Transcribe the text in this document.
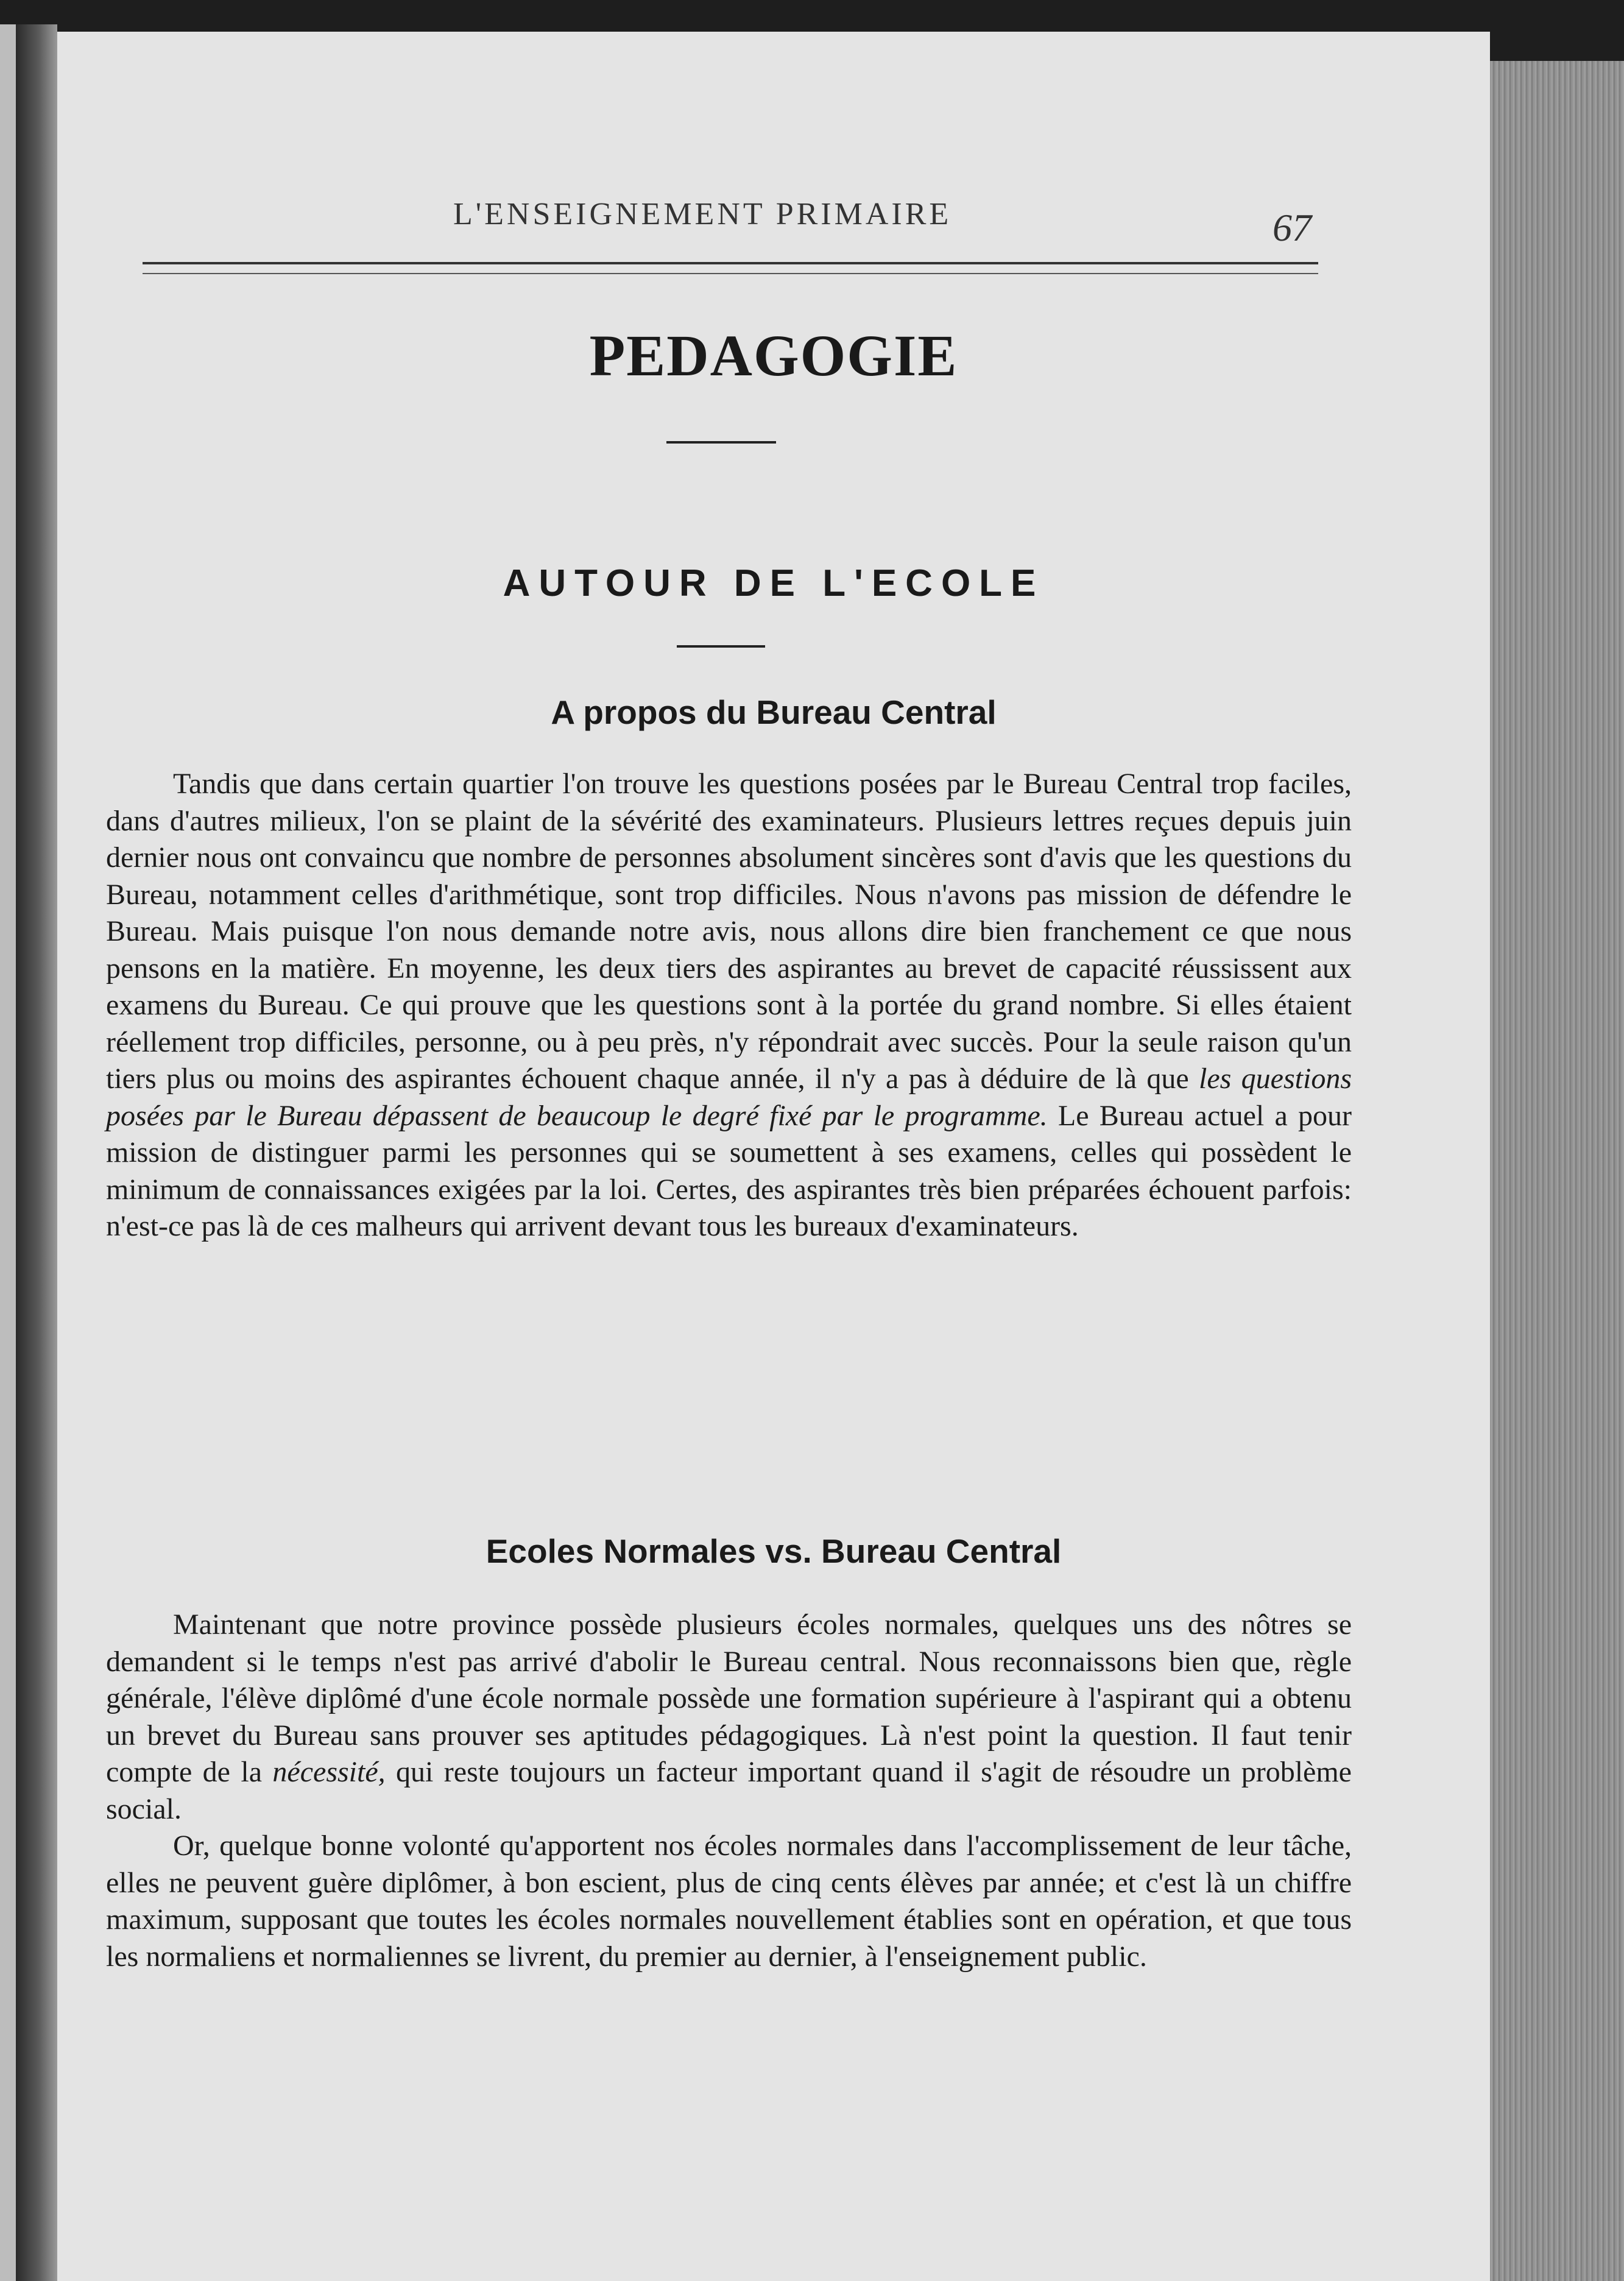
L'ENSEIGNEMENT PRIMAIRE	67
PEDAGOGIE
AUTOUR DE L'ECOLE
A propos du Bureau Central

Tandis que dans certain quartier l'on trouve les questions posées par le Bureau Central trop faciles, dans d'autres milieux, l'on se plaint de la sévérité des examinateurs. Plusieurs lettres reçues depuis juin dernier nous ont convaincu que nombre de personnes absolument sincères sont d'avis que les questions du Bureau, notamment celles d'arithmétique, sont trop difficiles. Nous n'avons pas mission de défendre le Bureau. Mais puisque l'on nous demande notre avis, nous allons dire bien franchement ce que nous pensons en la matière. En moyenne, les deux tiers des aspirantes au brevet de capacité réussissent aux examens du Bureau. Ce qui prouve que les questions sont à la portée du grand nombre. Si elles étaient réellement trop difficiles, personne, ou à peu près, n'y répondrait avec succès. Pour la seule raison qu'un tiers plus ou moins des aspirantes échouent chaque année, il n'y a pas à déduire de là que les questions posées par le Bureau dépassent de beaucoup le degré fixé par le programme. Le Bureau actuel a pour mission de distinguer parmi les personnes qui se soumettent à ses examens, celles qui possèdent le minimum de connaissances exigées par la loi. Certes, des aspirantes très bien préparées échouent parfois: n'est-ce pas là de ces malheurs qui arrivent devant tous les bureaux d'examinateurs.

Ecoles Normales vs. Bureau Central

Maintenant que notre province possède plusieurs écoles normales, quelques uns des nôtres se demandent si le temps n'est pas arrivé d'abolir le Bureau central. Nous reconnaissons bien que, règle générale, l'élève diplômé d'une école normale possède une formation supérieure à l'aspirant qui a obtenu un brevet du Bureau sans prouver ses aptitudes pédagogiques. Là n'est point la question. Il faut tenir compte de la nécessité, qui reste toujours un facteur important quand il s'agit de résoudre un problème social.

Or, quelque bonne volonté qu'apportent nos écoles normales dans l'accomplissement de leur tâche, elles ne peuvent guère diplômer, à bon escient, plus de cinq cents élèves par année; et c'est là un chiffre maximum, supposant que toutes les écoles normales nouvellement établies sont en opération, et que tous les normaliens et normaliennes se livrent, du premier au dernier, à l'enseignement public.
